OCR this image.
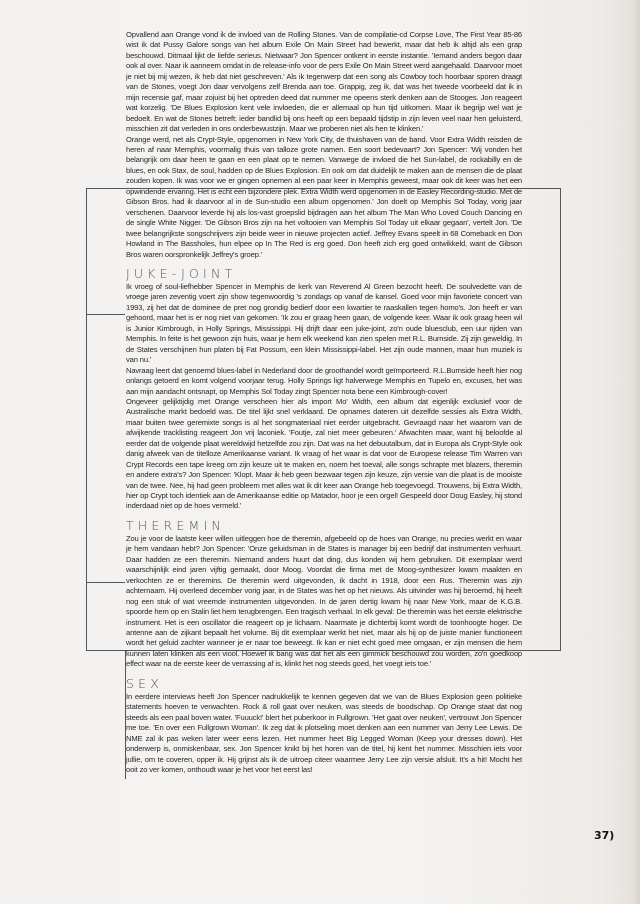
Opvallend aan Orange vond ik de invloed van de Rolling Stones. Van de compilatie-cd Corpse Love, The First Year 85-86 wist ik dat Pussy Galore songs van het album Exile On Main Street had bewerkt, maar dat heb ik altijd als een grap beschouwd. Ditmaal lijkt de liefde serieus. Nietwaar? Jon Spencer ontkent in eerste instantie. 'Iemand anders begon daar ook al over. Naar ik aanneem omdat in de release-info voor de pers Exile On Main Street werd aangehaald. Daarvoor moet je niet bij mij wezen, ik heb dat niet geschreven.' Als ik tegenwerp dat een song als Cowboy toch hoorbaar sporen draagt van de Stones, voegt Jon daar vervolgens zelf Brenda aan toe. Grappig, zeg ik, dat was het tweede voorbeeld dat ik in mijn recensie gaf, maar zojuist bij het optreden deed dat nummer me opeens sterk denken aan de Stooges. Jon reageert wat korzelig. 'De Blues Explosion kent vele invloeden, die er allemaal op hun tijd uitkomen. Maar ik begrijp wel wat je bedoelt. En wat de Stones betreft: ieder bandlid bij ons heeft op een bepaald tijdstip in zijn leven veel naar hen geluisterd, misschien zit dat verleden in ons onderbewustzijn. Maar we proberen niet als hen te klinken.'

Orange werd, net als Crypt-Style, opgenomen in New York City, de thuishaven van de band. Voor Extra Width reisden de heren af naar Memphis, voormalig thuis van talloze grote namen. Een soort bedevaart? Jon Spencer: 'Wij vonden het belangrijk om daar heen te gaan en een plaat op te nemen. Vanwege de invloed die het Sun-label, de rockabilly en de blues, en ook Stax, de soul, hadden op de Blues Explosion. En ook om dat duidelijk te maken aan de mensen die de plaat zouden kopen. Ik was voor we er gingen opnemen al een paar keer in Memphis geweest, maar ook dit keer was het een opwindende ervaring. Het is echt een bijzondere plek. Extra Width werd opgenomen in de Easley Recording-studio. Met de Gibson Bros. had ik daarvoor al in de Sun-studio een album opgenomen.' Jon doelt op Memphis Sol Today, vorig jaar verschenen. Daarvoor leverde hij als los-vast groepslid bijdragen aan het album The Man Who Loved Couch Dancing en de single White Nigger. 'De Gibson Bros zijn na het voltooien van Memphis Sol Today uit elkaar gegaan', vertelt Jon. 'De twee belangrijkste songschrijvers zijn beide weer in nieuwe projecten actief. Jeffrey Evans speelt in 68 Comeback en Don Howland in The Bassholes, hun elpee op In The Red is erg goed. Don heeft zich erg goed ontwikkeld, want de Gibson Bros waren oorspronkelijk Jeffrey's groep.'

JUKE-JOINT

Ik vroeg of soul-liefhebber Spencer in Memphis de kerk van Reverend Al Green bezocht heeft. De soulvedette van de vroege jaren zeventig voert zijn show tegenwoordig 's zondags op vanaf de kansel. Goed voor mijn favoriete concert van 1993, zij het dat de dominee de pret nog grondig bedierf door een kwartier te raaskallen tegen homo's. Jon heeft er van gehoord, maar het is er nog niet van gekomen. 'Ik zou er graag heen gaan, de volgende keer. Waar ik ook graag heen wil is Junior Kimbrough, in Holly Springs, Mississippi. Hij drijft daar een juke-joint, zo'n oude bluesclub, een uur rijden van Memphis. In feite is het gewoon zijn huis, waar je hem elk weekend kan zien spelen met R.L. Burnside. Zij zijn geweldig. In de States verschijnen hun platen bij Fat Possum, een klein Mississippi-label. Het zijn oude mannen, maar hun muziek is van nu.'

Navraag leert dat genoemd blues-label in Nederland door de groothandel wordt geïmporteerd. R.L.Burnside heeft hier nog onlangs getoerd en komt volgend voorjaar terug. Holly Springs ligt halverwege Memphis en Tupelo en, excuses, het was aan mijn aandacht ontsnapt, op Memphis Sol Today zingt Spencer nota bene een Kimbrough-cover!

Ongeveer gelijktijdig met Orange verscheen hier als import Mo' Width, een album dat eigenlijk exclusief voor de Australische markt bedoeld was. De titel lijkt snel verklaard. De opnames dateren uit dezelfde sessies als Extra Width, maar buiten twee geremixte songs is al het songmateriaal niet eerder uitgebracht. Gevraagd naar het waarom van de afwijkende tracklisting reageert Jon vrij laconiek. 'Foutje, zal niet meer gebeuren.' Afwachten maar, want hij beloofde al eerder dat de volgende plaat wereldwijd hetzelfde zou zijn. Dat was na het debuutalbum, dat in Europa als Crypt-Style ook danig afweek van de titelloze Amerikaanse variant. Ik vraag of het waar is dat voor de Europese release Tim Warren van Crypt Records een tape kreeg om zijn keuze uit te maken en, noem het toeval, alle songs schrapte met blazers, theremin en andere extra's? Jon Spencer: 'Klopt. Maar ik heb geen bezwaar tegen zijn keuze, zijn versie van die plaat is de mooiste van de twee. Nee, hij had geen probleem met alles wat ik dit keer aan Orange heb toegevoegd. Trouwens, bij Extra Width, hier op Crypt toch identiek aan de Amerikaanse editie op Matador, hoor je een orgel! Gespeeld door Doug Easley, hij stond inderdaad niet op de hoes vermeld.'

THEREMIN

Zou je voor de laatste keer willen uitleggen hoe de theremin, afgebeeld op de hoes van Orange, nu precies werkt en waar je hem vandaan hebt? Jon Spencer: 'Onze geluidsman in de States is manager bij een bedrijf dat instrumenten verhuurt. Daar hadden ze een theremin. Niemand anders huurt dat ding, dus konden wij hem gebruiken. Dit exemplaar werd waarschijnlijk eind jaren vijftig gemaakt, door Moog. Voordat die firma met de Moog-synthesizer kwam maakten en verkochten ze er theremins. De theremin werd uitgevonden, ik dacht in 1918, door een Rus. Theremin was zijn achternaam. Hij overleed december vorig jaar, in de States was het op het nieuws. Als uitvinder was hij beroemd, hij heeft nog een stuk of wat vreemde instrumenten uitgevonden. In de jaren dertig kwam hij naar New York, maar de K.G.B. spoorde hem op en Stalin liet hem terugbrengen. Een tragisch verhaal. In elk geval: De theremin was het eerste elektrische instrument. Het is een oscillator die reageert op je lichaam. Naarmate je dichterbij komt wordt de toonhoogte hoger. De antenne aan de zijkant bepaalt het volume. Bij dit exemplaar werkt het niet, maar als hij op de juiste manier functioneert wordt het geluid zachter wanneer je er naar toe beweegt. Ik kan er niet echt goed mee omgaan, er zijn mensen die hem kunnen laten klinken als een viool. Hoewel ik bang was dat het als een gimmick beschouwd zou worden, zo'n goedkoop effect waar na de eerste keer de verrassing af is, klinkt het nog steeds goed, het voegt iets toe.'

SEX

In eerdere interviews heeft Jon Spencer nadrukkelijk te kennen gegeven dat we van de Blues Explosion geen politieke statements hoeven te verwachten. Rock & roll gaat over neuken, was steeds de boodschap. Op Orange staat dat nog steeds als een paal boven water. 'Fuuuck!' blert het puberkoor in Fullgrown. 'Het gaat over neuken', vertrouwt Jon Spencer me toe. 'En over een Fullgrown Woman'. Ik zeg dat ik plotseling moet denken aan een nummer van Jerry Lee Lewis. De NME zal ik pas weken later weer eens lezen. Het nummer heet Big Legged Woman (Keep your dresses down). Het onderwerp is, onmiskenbaar, sex. Jon Spencer knikt bij het horen van de titel, hij kent het nummer. Misschien iets voor jullie, om te coveren, opper ik. Hij grijnst als ik de uitroep citeer waarmee Jerry Lee zijn versie afsluit. It's a hit! Mocht het ooit zo ver komen, onthoudt waar je het voor het eerst las!

37)
